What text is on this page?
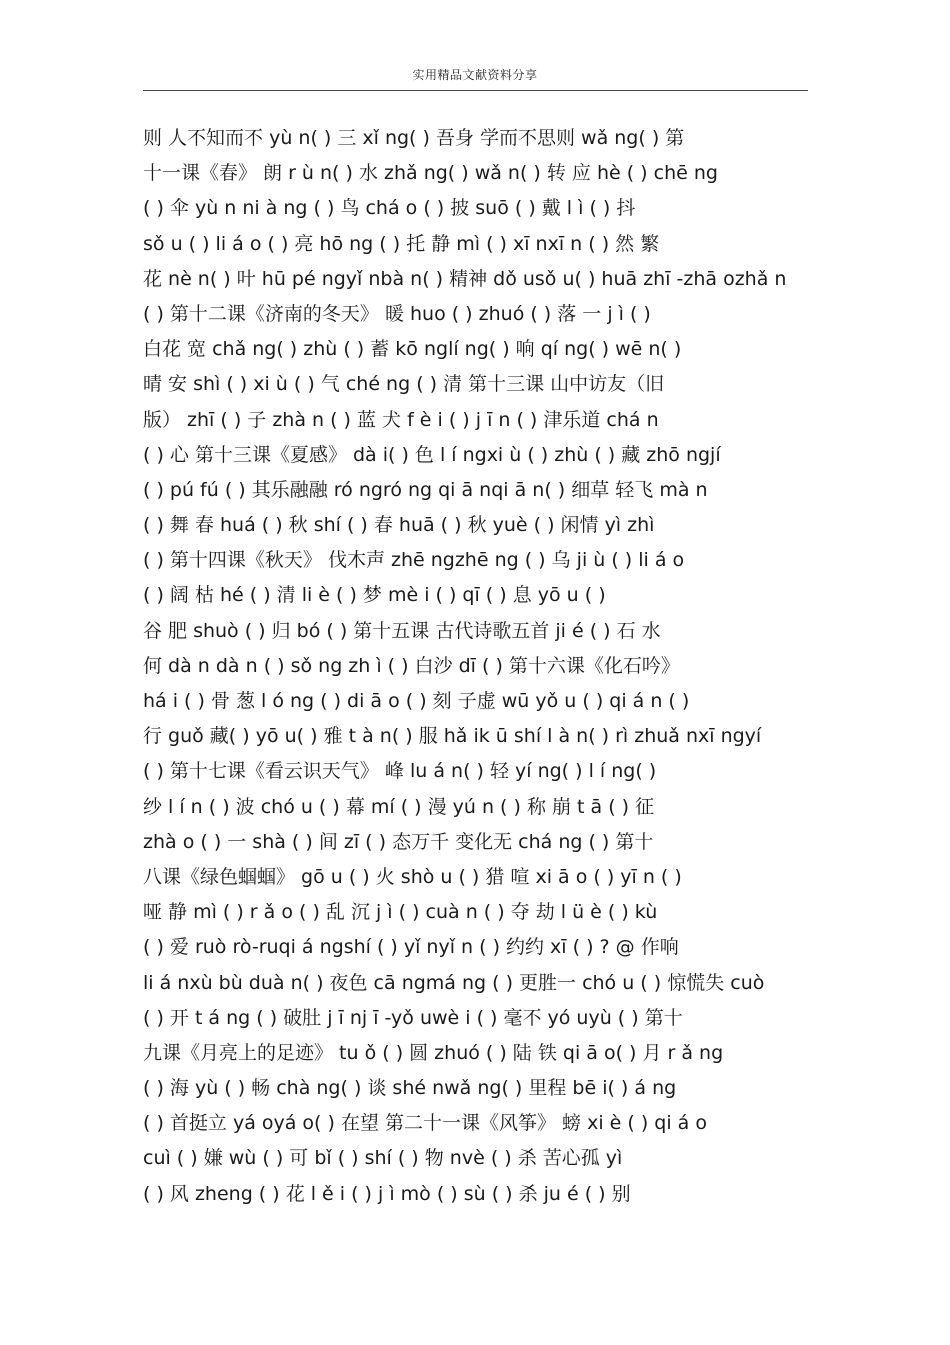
实用精品文献资料分享
则 人不知而不 yù n( ) 三 xǐ ng( ) 吾身 学而不思则 wǎ ng( ) 第
十一课《春》 朗 r ù n( ) 水 zhǎ ng( ) wǎ n( ) 转 应 hè ( ) chē ng
( ) 伞 yù n ni à ng ( ) 鸟 chá o ( ) 披 suō ( ) 戴 l ì ( ) 抖
sǒ u ( ) li á o ( ) 亮 hō ng ( ) 托 静 mì ( ) xī nxī n ( ) 然 繁
花 nè n( ) 叶 hū pé ngyǐ nbà n( ) 精神 dǒ usǒ u( ) huā zhī -zhā ozhǎ n
( ) 第十二课《济南的冬天》 暖 huo ( ) zhuó ( ) 落 一 j ì ( )
白花 宽 chǎ ng( ) zhù ( ) 蓄 kō nglí ng( ) 响 qí ng( ) wē n( )
晴 安 shì ( ) xi ù ( ) 气 ché ng ( ) 清 第十三课 山中访友（旧
版） zhī ( ) 子 zhà n ( ) 蓝 犬 f è i ( ) j ī n ( ) 津乐道 chá n
( ) 心 第十三课《夏感》 dà i( ) 色 l í ngxi ù ( ) zhù ( ) 藏 zhō ngjí
( ) pú fú ( ) 其乐融融 ró ngró ng qi ā nqi ā n( ) 细草 轻飞 mà n
( ) 舞 春 huá ( ) 秋 shí ( ) 春 huā ( ) 秋 yuè ( ) 闲情 yì zhì
( ) 第十四课《秋天》 伐木声 zhē ngzhē ng ( ) 乌 ji ù ( ) li á o
( ) 阔 枯 hé ( ) 清 li è ( ) 梦 mè i ( ) qī ( ) 息 yō u ( )
谷 肥 shuò ( ) 归 bó ( ) 第十五课 古代诗歌五首 ji é ( ) 石 水
何 dà n dà n ( ) sǒ ng zh ì ( ) 白沙 dī ( ) 第十六课《化石吟》
há i ( ) 骨 葱 l ó ng ( ) di ā o ( ) 刻 子虚 wū yǒ u ( ) qi á n ( )
行 guǒ 藏( ) yō u( ) 雅 t à n( ) 服 hǎ ik ū shí l à n( ) rì zhuǎ nxī ngyí
( ) 第十七课《看云识天气》 峰 lu á n( ) 轻 yí ng( ) l í ng( )
纱 l í n ( ) 波 chó u ( ) 幕 mí ( ) 漫 yú n ( ) 称 崩 t ā ( ) 征
zhà o ( ) 一 shà ( ) 间 zī ( ) 态万千 变化无 chá ng ( ) 第十
八课《绿色蝈蝈》 gō u ( ) 火 shò u ( ) 猎 喧 xi ā o ( ) yī n ( )
哑 静 mì ( ) r ǎ o ( ) 乱 沉 j ì ( ) cuà n ( ) 夺 劫 l ü è ( ) kù
( ) 爱 ruò rò-ruqi á ngshí ( ) yǐ nyǐ n ( ) 约约 xī ( ) ? @ 作响
li á nxù bù duà n( ) 夜色 cā ngmá ng ( ) 更胜一 chó u ( ) 惊慌失 cuò
( ) 开 t á ng ( ) 破肚 j ī nj ī -yǒ uwè i ( ) 毫不 yó uyù ( ) 第十
九课《月亮上的足迹》 tu ǒ ( ) 圆 zhuó ( ) 陆 铁 qi ā o( ) 月 r ǎ ng
( ) 海 yù ( ) 畅 chà ng( ) 谈 shé nwǎ ng( ) 里程 bē i( ) á ng
( ) 首挺立 yá oyá o( ) 在望 第二十一课《风筝》 螃 xi è ( ) qi á o
cuì ( ) 嫌 wù ( ) 可 bǐ ( ) shí ( ) 物 nvè ( ) 杀 苦心孤 yì
( ) 风 zheng ( ) 花 l ě i ( ) j ì mò ( ) sù ( ) 杀 ju é ( ) 别
